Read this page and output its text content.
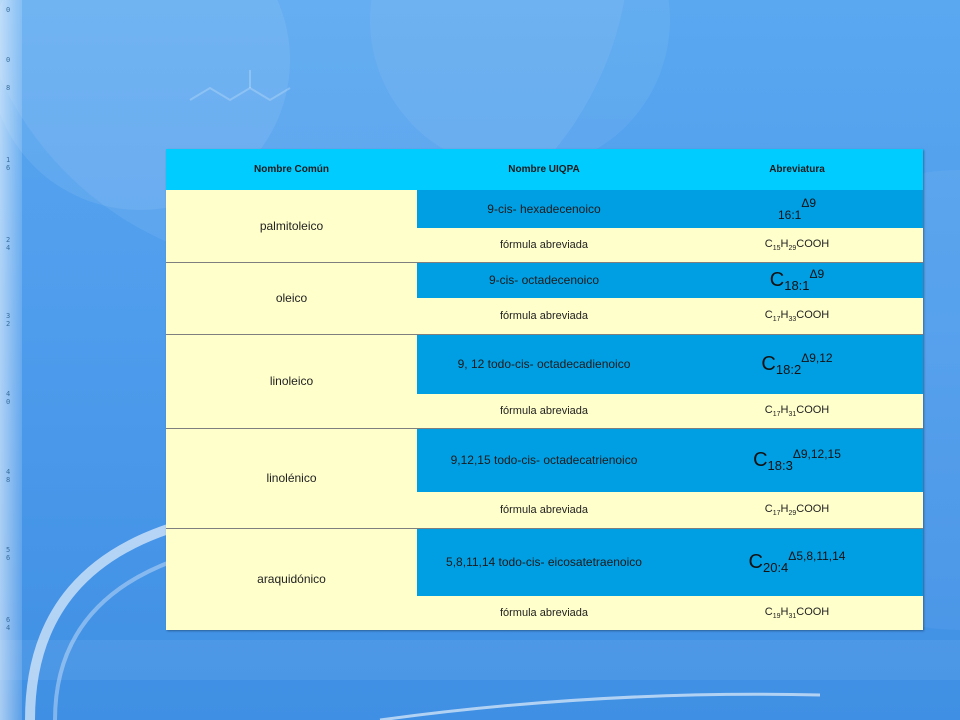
0
0
8
1 6
2 4
3 2
4 0
4 8
5 6
6 4
Nombre Común	Nombre UIQPA	Abreviatura
palmitoleico	9-cis- hexadecenoico	16:1Δ9
	fórmula abreviada	$C_{15}H_{29}COOH$
oleico	9-cis- octadecenoico	$C_{18:1}^{\Delta 9}$
	fórmula abreviada	$C_{17}H_{33}COOH$
linoleico	9, 12 todo-cis- octadecadienoico	$C_{18:2}^{\Delta 9,12}$
	fórmula abreviada	$C_{17}H_{31}COOH$
linolénico	9,12,15 todo-cis- octadecatrienoico	$C_{18:3}^{\Delta 9,12,15}$
	fórmula abreviada	$C_{17}H_{29}COOH$
araquidónico	5,8,11,14 todo-cis- eicosatetraenoico	$C_{20:4}^{\Delta 5,8,11,14}$
	fórmula abreviada	$C_{19}H_{31}COOH$
